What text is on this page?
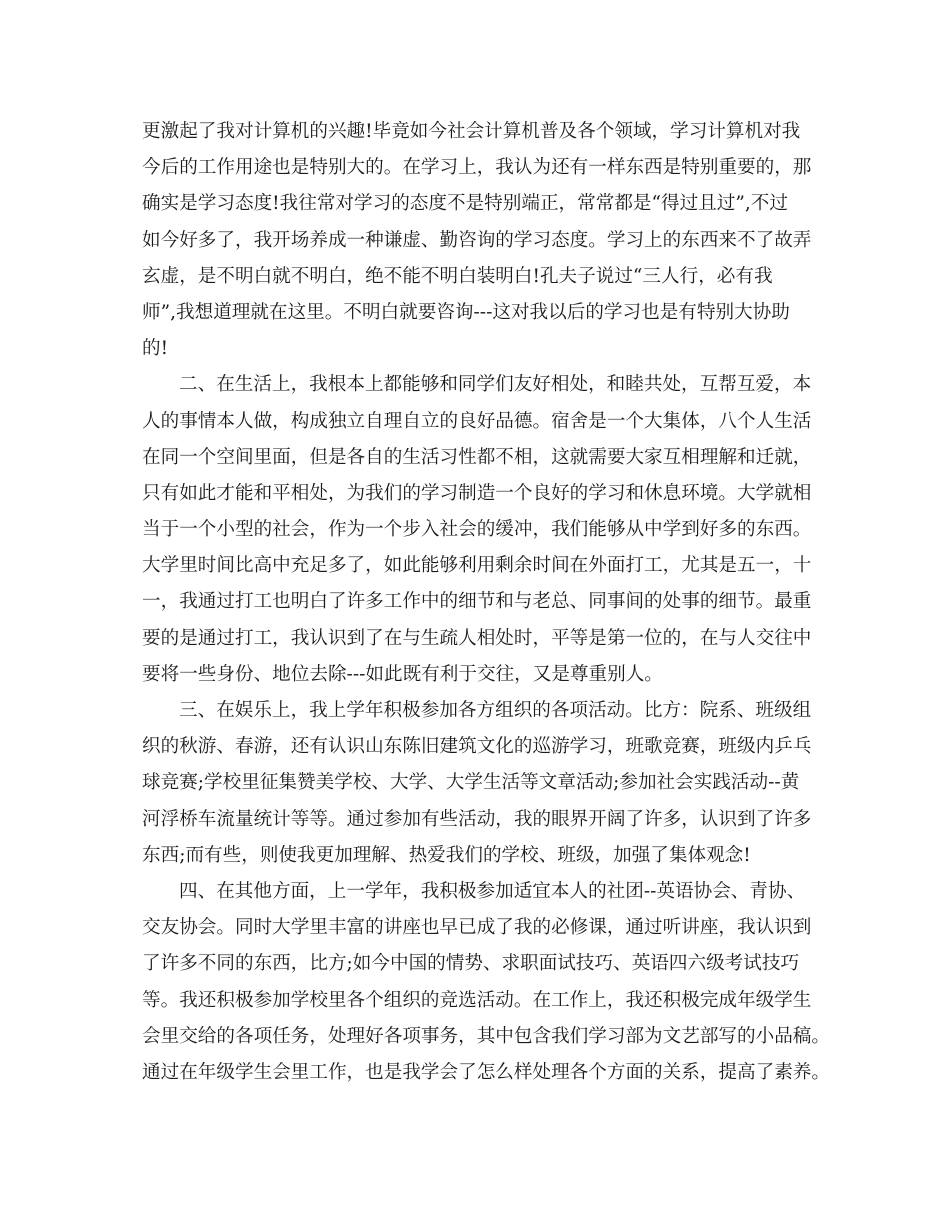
更激起了我对计算机的兴趣!毕竟如今社会计算机普及各个领域，学习计算机对我
今后的工作用途也是特别大的。在学习上，我认为还有一样东西是特别重要的，那
确实是学习态度!我往常对学习的态度不是特别端正，常常都是“得过且过”,不过
如今好多了，我开场养成一种谦虚、勤咨询的学习态度。学习上的东西来不了故弄
玄虚，是不明白就不明白，绝不能不明白装明白!孔夫子说过“三人行，必有我
师”,我想道理就在这里。不明白就要咨询---这对我以后的学习也是有特别大协助
的!
二、在生活上，我根本上都能够和同学们友好相处，和睦共处，互帮互爱，本
人的事情本人做，构成独立自理自立的良好品德。宿舍是一个大集体，八个人生活
在同一个空间里面，但是各自的生活习性都不相，这就需要大家互相理解和迁就，
只有如此才能和平相处，为我们的学习制造一个良好的学习和休息环境。大学就相
当于一个小型的社会，作为一个步入社会的缓冲，我们能够从中学到好多的东西。
大学里时间比高中充足多了，如此能够利用剩余时间在外面打工，尤其是五一，十
一，我通过打工也明白了许多工作中的细节和与老总、同事间的处事的细节。最重
要的是通过打工，我认识到了在与生疏人相处时，平等是第一位的，在与人交往中
要将一些身份、地位去除---如此既有利于交往，又是尊重别人。
三、在娱乐上，我上学年积极参加各方组织的各项活动。比方：院系、班级组
织的秋游、春游，还有认识山东陈旧建筑文化的巡游学习，班歌竞赛，班级内乒乓
球竞赛;学校里征集赞美学校、大学、大学生活等文章活动;参加社会实践活动--黄
河浮桥车流量统计等等。通过参加有些活动，我的眼界开阔了许多，认识到了许多
东西;而有些，则使我更加理解、热爱我们的学校、班级，加强了集体观念!
四、在其他方面，上一学年，我积极参加适宜本人的社团--英语协会、青协、
交友协会。同时大学里丰富的讲座也早已成了我的必修课，通过听讲座，我认识到
了许多不同的东西，比方;如今中国的情势、求职面试技巧、英语四六级考试技巧
等。我还积极参加学校里各个组织的竞选活动。在工作上，我还积极完成年级学生
会里交给的各项任务，处理好各项事务，其中包含我们学习部为文艺部写的小品稿。
通过在年级学生会里工作，也是我学会了怎么样处理各个方面的关系，提高了素养。
